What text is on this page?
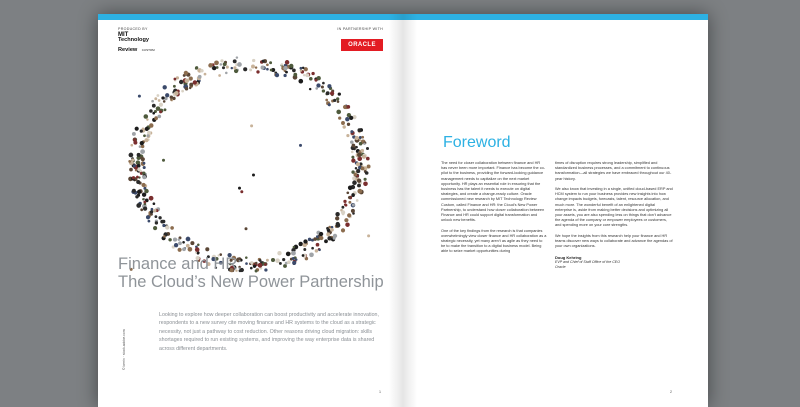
PRODUCED BY
MIT
Technology
Review CUSTOM
IN PARTNERSHIP WITH
ORACLE
Finance and HR:
The Cloud’s New Power Partnership
© kerrin · stock.adobe.com

Looking to explore how deeper collaboration can boost productivity and accelerate innovation, respondents to a new survey cite moving finance and HR systems to the cloud as a strategic necessity, not just a pathway to cost reduction. Other reasons driving cloud migration: skills shortages required to run existing systems, and improving the way enterprise data is shared across different departments.

1
Foreword

The need for closer collaboration between finance and HR has never been more important. Finance has become the co-pilot to the business, providing the forward-looking guidance management needs to capitalize on the next market opportunity. HR plays an essential role in ensuring that the business has the talent it needs to execute on digital strategies, and create a change-ready culture. Oracle commissioned new research by MIT Technology Review Custom, called Finance and HR: the Cloud’s New Power Partnership, to understand how closer collaboration between Finance and HR could support digital transformation and unlock new benefits.

One of the key findings from the research is that companies overwhelmingly view closer finance and HR collaboration as a strategic necessity, yet many aren’t as agile as they need to be to make the transition to a digital business model. Being able to seize market opportunities during

times of disruption requires strong leadership, simplified and standardized business processes, and a commitment to continuous transformation—all strategies we have embraced throughout our 40-year history.

We also know that investing in a single, unified cloud-based ERP and HCM system to run your business provides new insights into how change impacts budgets, forecasts, talent, resource allocation, and much more. The wonderful benefit of an enlightened digital enterprise is, aside from making better decisions and optimizing all your assets, you are also spending less on things that don’t advance the agenda of the company or empower employees or customers, and spending more on your core strengths.

We hope the insights from this research help your finance and HR teams discover new ways to collaborate and advance the agendas of your own organizations.

Doug Kehring
EVP and Chief of Staff Office of the CEO
Oracle
2
